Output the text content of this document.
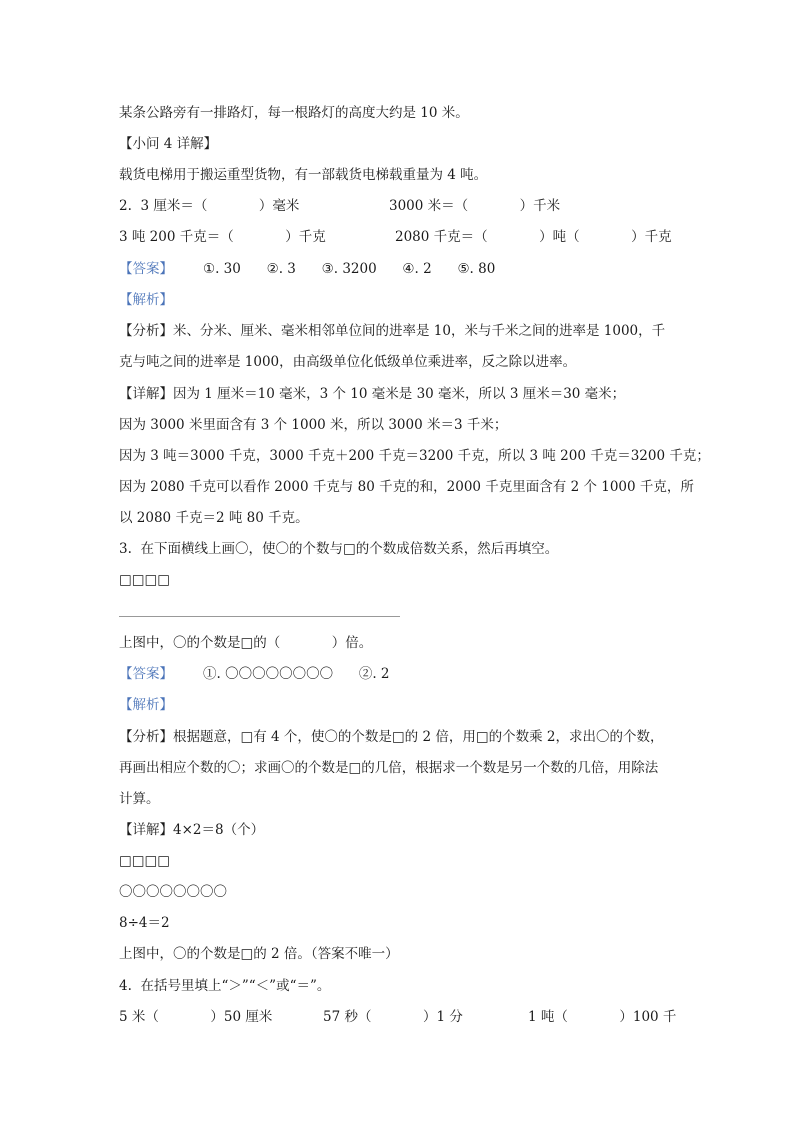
某条公路旁有一排路灯，每一根路灯的高度大约是 10 米。
【小问 4 详解】
载货电梯用于搬运重型货物，有一部载货电梯载重量为 4 吨。
2.  3 厘米＝（            ）毫米	3000 米＝（            ）千米
3 吨 200 千克＝（            ）千克	2080 千克＝（            ）吨（            ）千克
【答案】 ①. 30      ②. 3      ③. 3200      ④. 2      ⑤. 80
【解析】
【分析】米、分米、厘米、毫米相邻单位间的进率是 10，米与千米之间的进率是 1000，千
克与吨之间的进率是 1000，由高级单位化低级单位乘进率，反之除以进率。
【详解】因为 1 厘米＝10 毫米，3 个 10 毫米是 30 毫米，所以 3 厘米＝30 毫米；
因为 3000 米里面含有 3 个 1000 米，所以 3000 米＝3 千米；
因为 3 吨＝3000 千克，3000 千克＋200 千克＝3200 千克，所以 3 吨 200 千克＝3200 千克；
因为 2080 千克可以看作 2000 千克与 80 千克的和，2000 千克里面含有 2 个 1000 千克，所
以 2080 千克＝2 吨 80 千克。
3.  在下面横线上画〇，使〇的个数与□的个数成倍数关系，然后再填空。
□□□□
上图中，〇的个数是□的（            ）倍。
【答案】 ①. 〇〇〇〇〇〇〇〇      ②. 2
【解析】
【分析】根据题意，□有 4 个，使〇的个数是□的 2 倍，用□的个数乘 2，求出〇的个数，
再画出相应个数的〇；求画〇的个数是□的几倍，根据求一个数是另一个数的几倍，用除法
计算。
【详解】4×2＝8（个）
□□□□
〇〇〇〇〇〇〇〇
8÷4＝2
上图中，〇的个数是□的 2 倍。（答案不唯一）
4.  在括号里填上“＞”“＜”或“＝”。
5 米（            ）50 厘米	57 秒（            ）1 分	1 吨（            ）100 千
